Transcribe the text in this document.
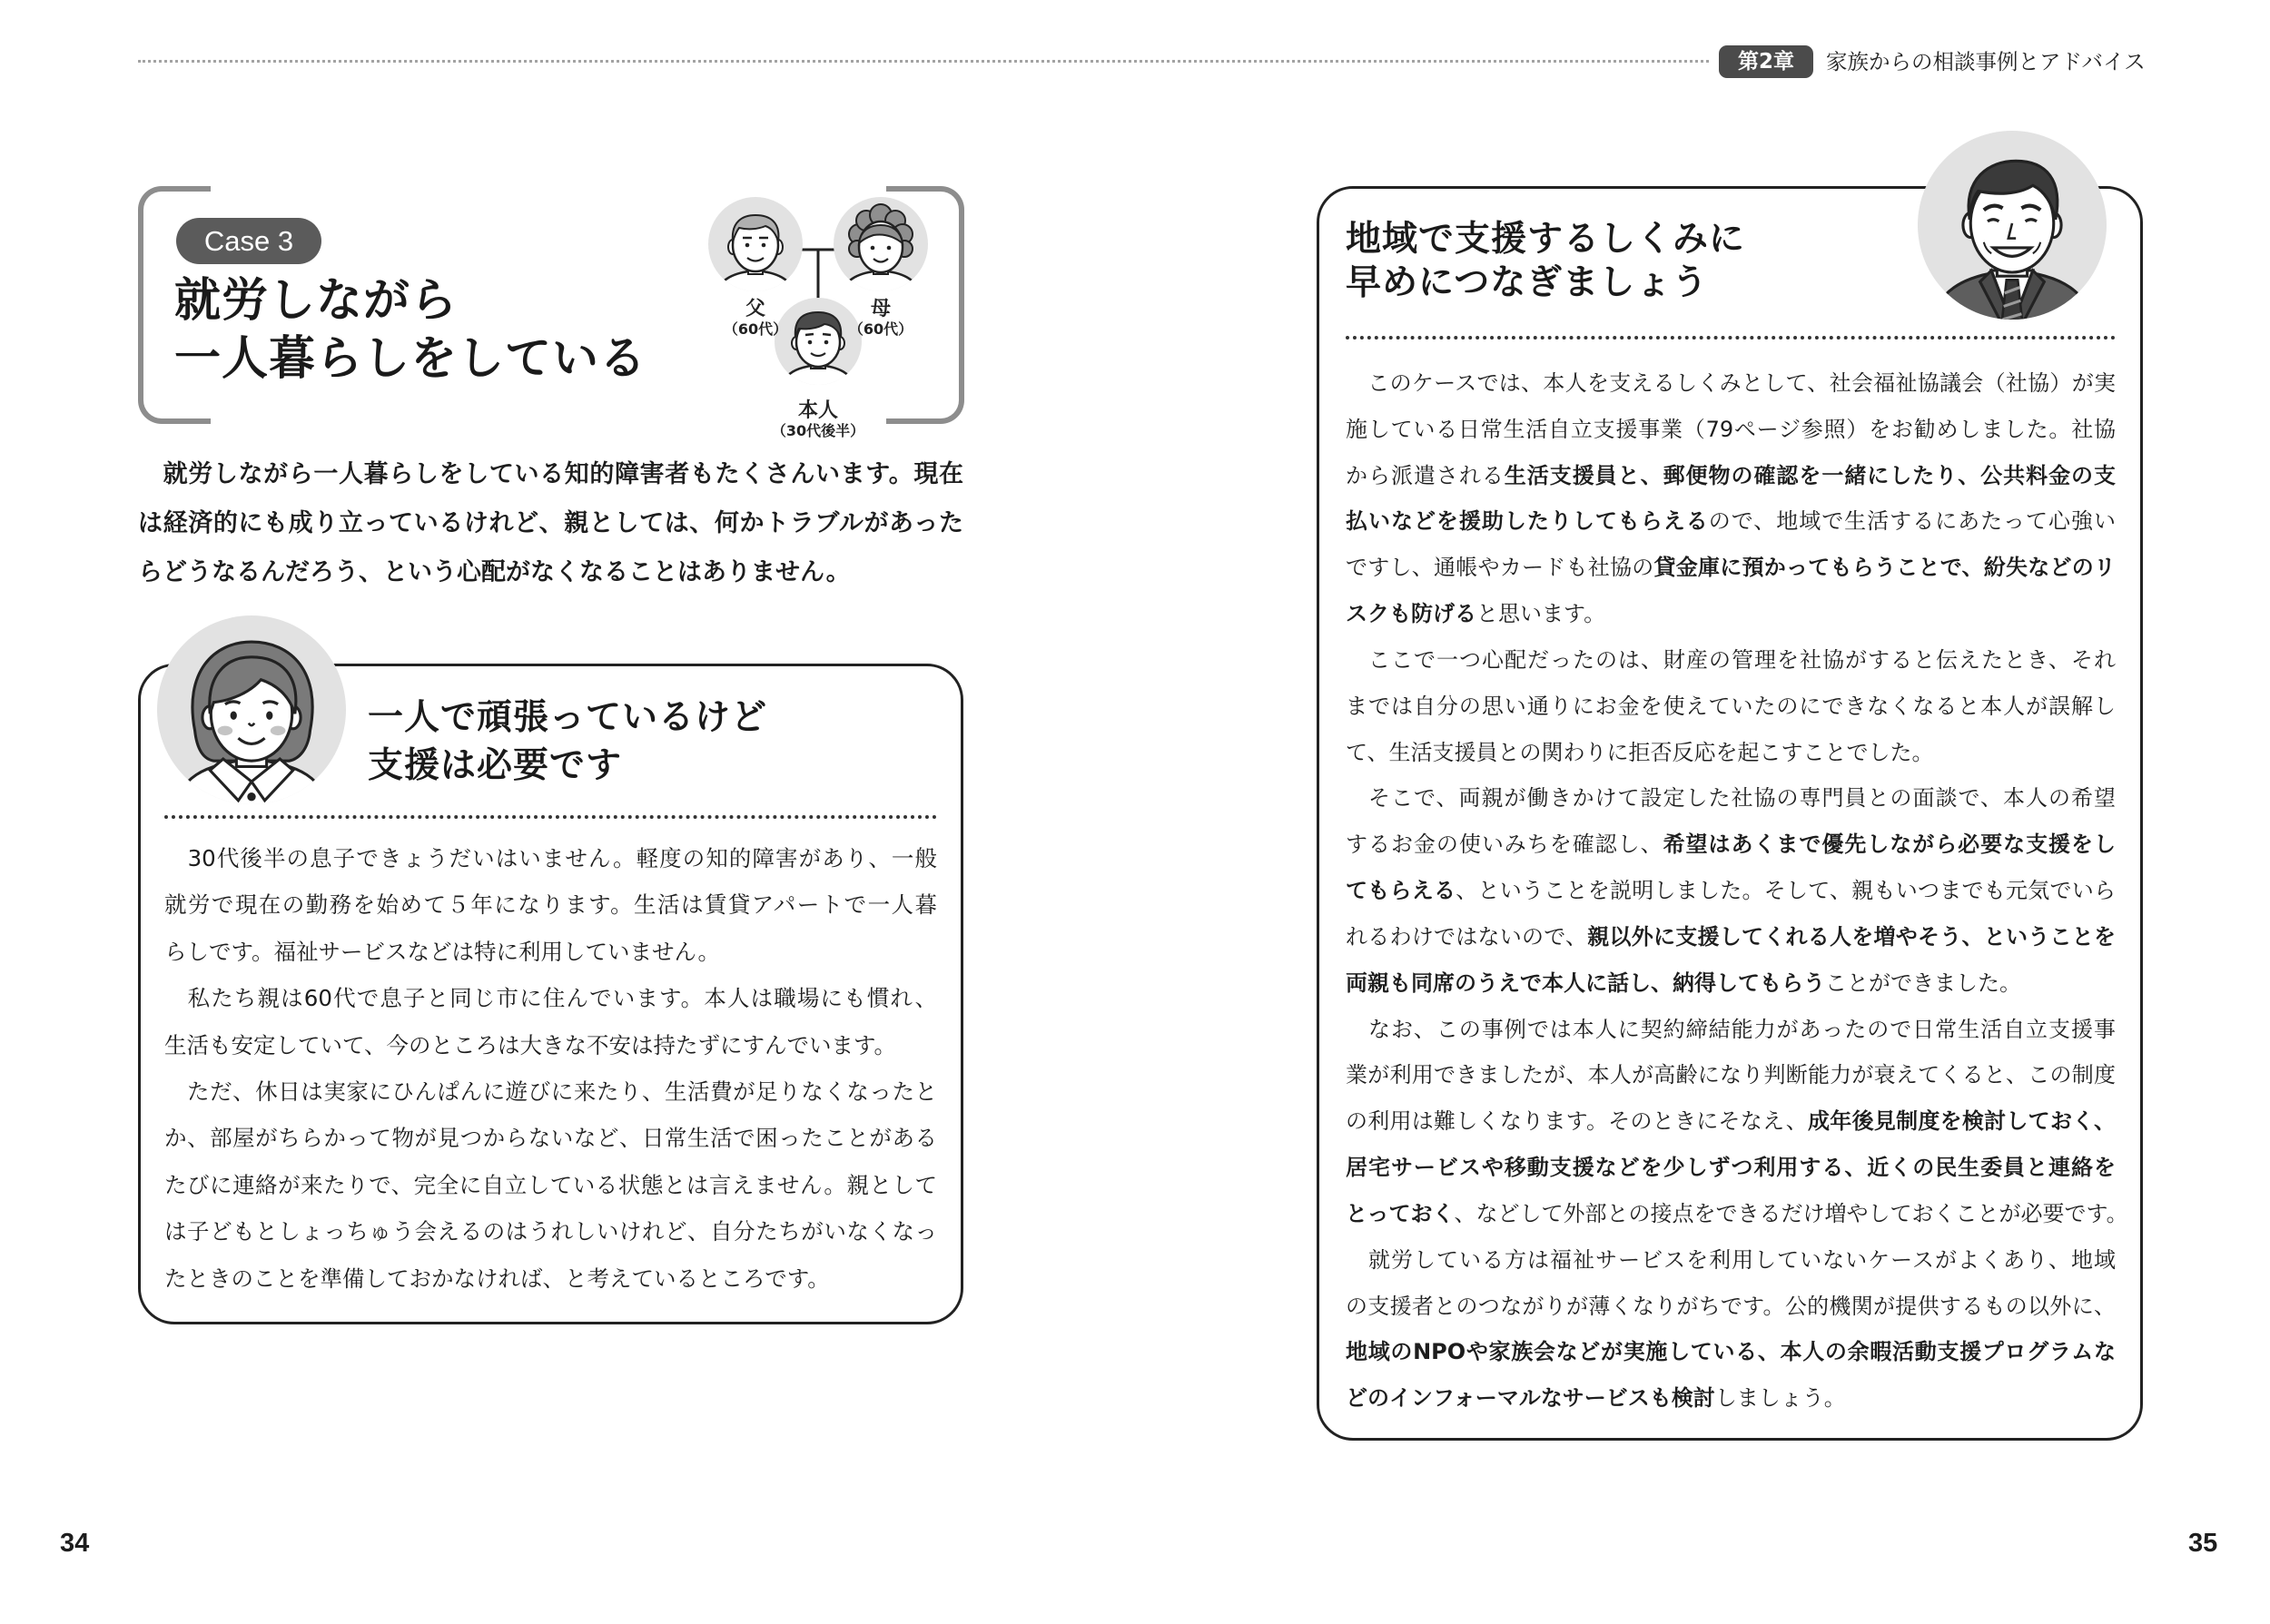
第2章	家族からの相談事例とアドバイス
Case 3
就労しながら
一人暮らしをしている
父
（60代）
母
（60代）
本人
（30代後半）
　就労しながら一人暮らしをしている知的障害者もたくさんいます。現在
は経済的にも成り立っているけれど、親としては、何かトラブルがあった
らどうなるんだろう、という心配がなくなることはありません。
一人で頑張っているけど
支援は必要です
　30代後半の息子できょうだいはいません。軽度の知的障害があり、一般
就労で現在の勤務を始めて５年になります。生活は賃貸アパートで一人暮
らしです。福祉サービスなどは特に利用していません。
　私たち親は60代で息子と同じ市に住んでいます。本人は職場にも慣れ、
生活も安定していて、今のところは大きな不安は持たずにすんでいます。
　ただ、休日は実家にひんぱんに遊びに来たり、生活費が足りなくなったと
か、部屋がちらかって物が見つからないなど、日常生活で困ったことがある
たびに連絡が来たりで、完全に自立している状態とは言えません。親として
は子どもとしょっちゅう会えるのはうれしいけれど、自分たちがいなくなっ
たときのことを準備しておかなければ、と考えているところです。
地域で支援するしくみに
早めにつなぎましょう
　このケースでは、本人を支えるしくみとして、社会福祉協議会（社協）が実
施している日常生活自立支援事業（79ページ参照）をお勧めしました。社協
から派遣される生活支援員と、郵便物の確認を一緒にしたり、公共料金の支
払いなどを援助したりしてもらえるので、地域で生活するにあたって心強い
ですし、通帳やカードも社協の貸金庫に預かってもらうことで、紛失などのリ
スクも防げると思います。
　ここで一つ心配だったのは、財産の管理を社協がすると伝えたとき、それ
までは自分の思い通りにお金を使えていたのにできなくなると本人が誤解し
て、生活支援員との関わりに拒否反応を起こすことでした。
　そこで、両親が働きかけて設定した社協の専門員との面談で、本人の希望
するお金の使いみちを確認し、希望はあくまで優先しながら必要な支援をし
てもらえる、ということを説明しました。そして、親もいつまでも元気でいら
れるわけではないので、親以外に支援してくれる人を増やそう、ということを
両親も同席のうえで本人に話し、納得してもらうことができました。
　なお、この事例では本人に契約締結能力があったので日常生活自立支援事
業が利用できましたが、本人が高齢になり判断能力が衰えてくると、この制度
の利用は難しくなります。そのときにそなえ、成年後見制度を検討しておく、
居宅サービスや移動支援などを少しずつ利用する、近くの民生委員と連絡を
とっておく、などして外部との接点をできるだけ増やしておくことが必要です。
　就労している方は福祉サービスを利用していないケースがよくあり、地域
の支援者とのつながりが薄くなりがちです。公的機関が提供するもの以外に、
地域のNPOや家族会などが実施している、本人の余暇活動支援プログラムな
どのインフォーマルなサービスも検討しましょう。
34	35
